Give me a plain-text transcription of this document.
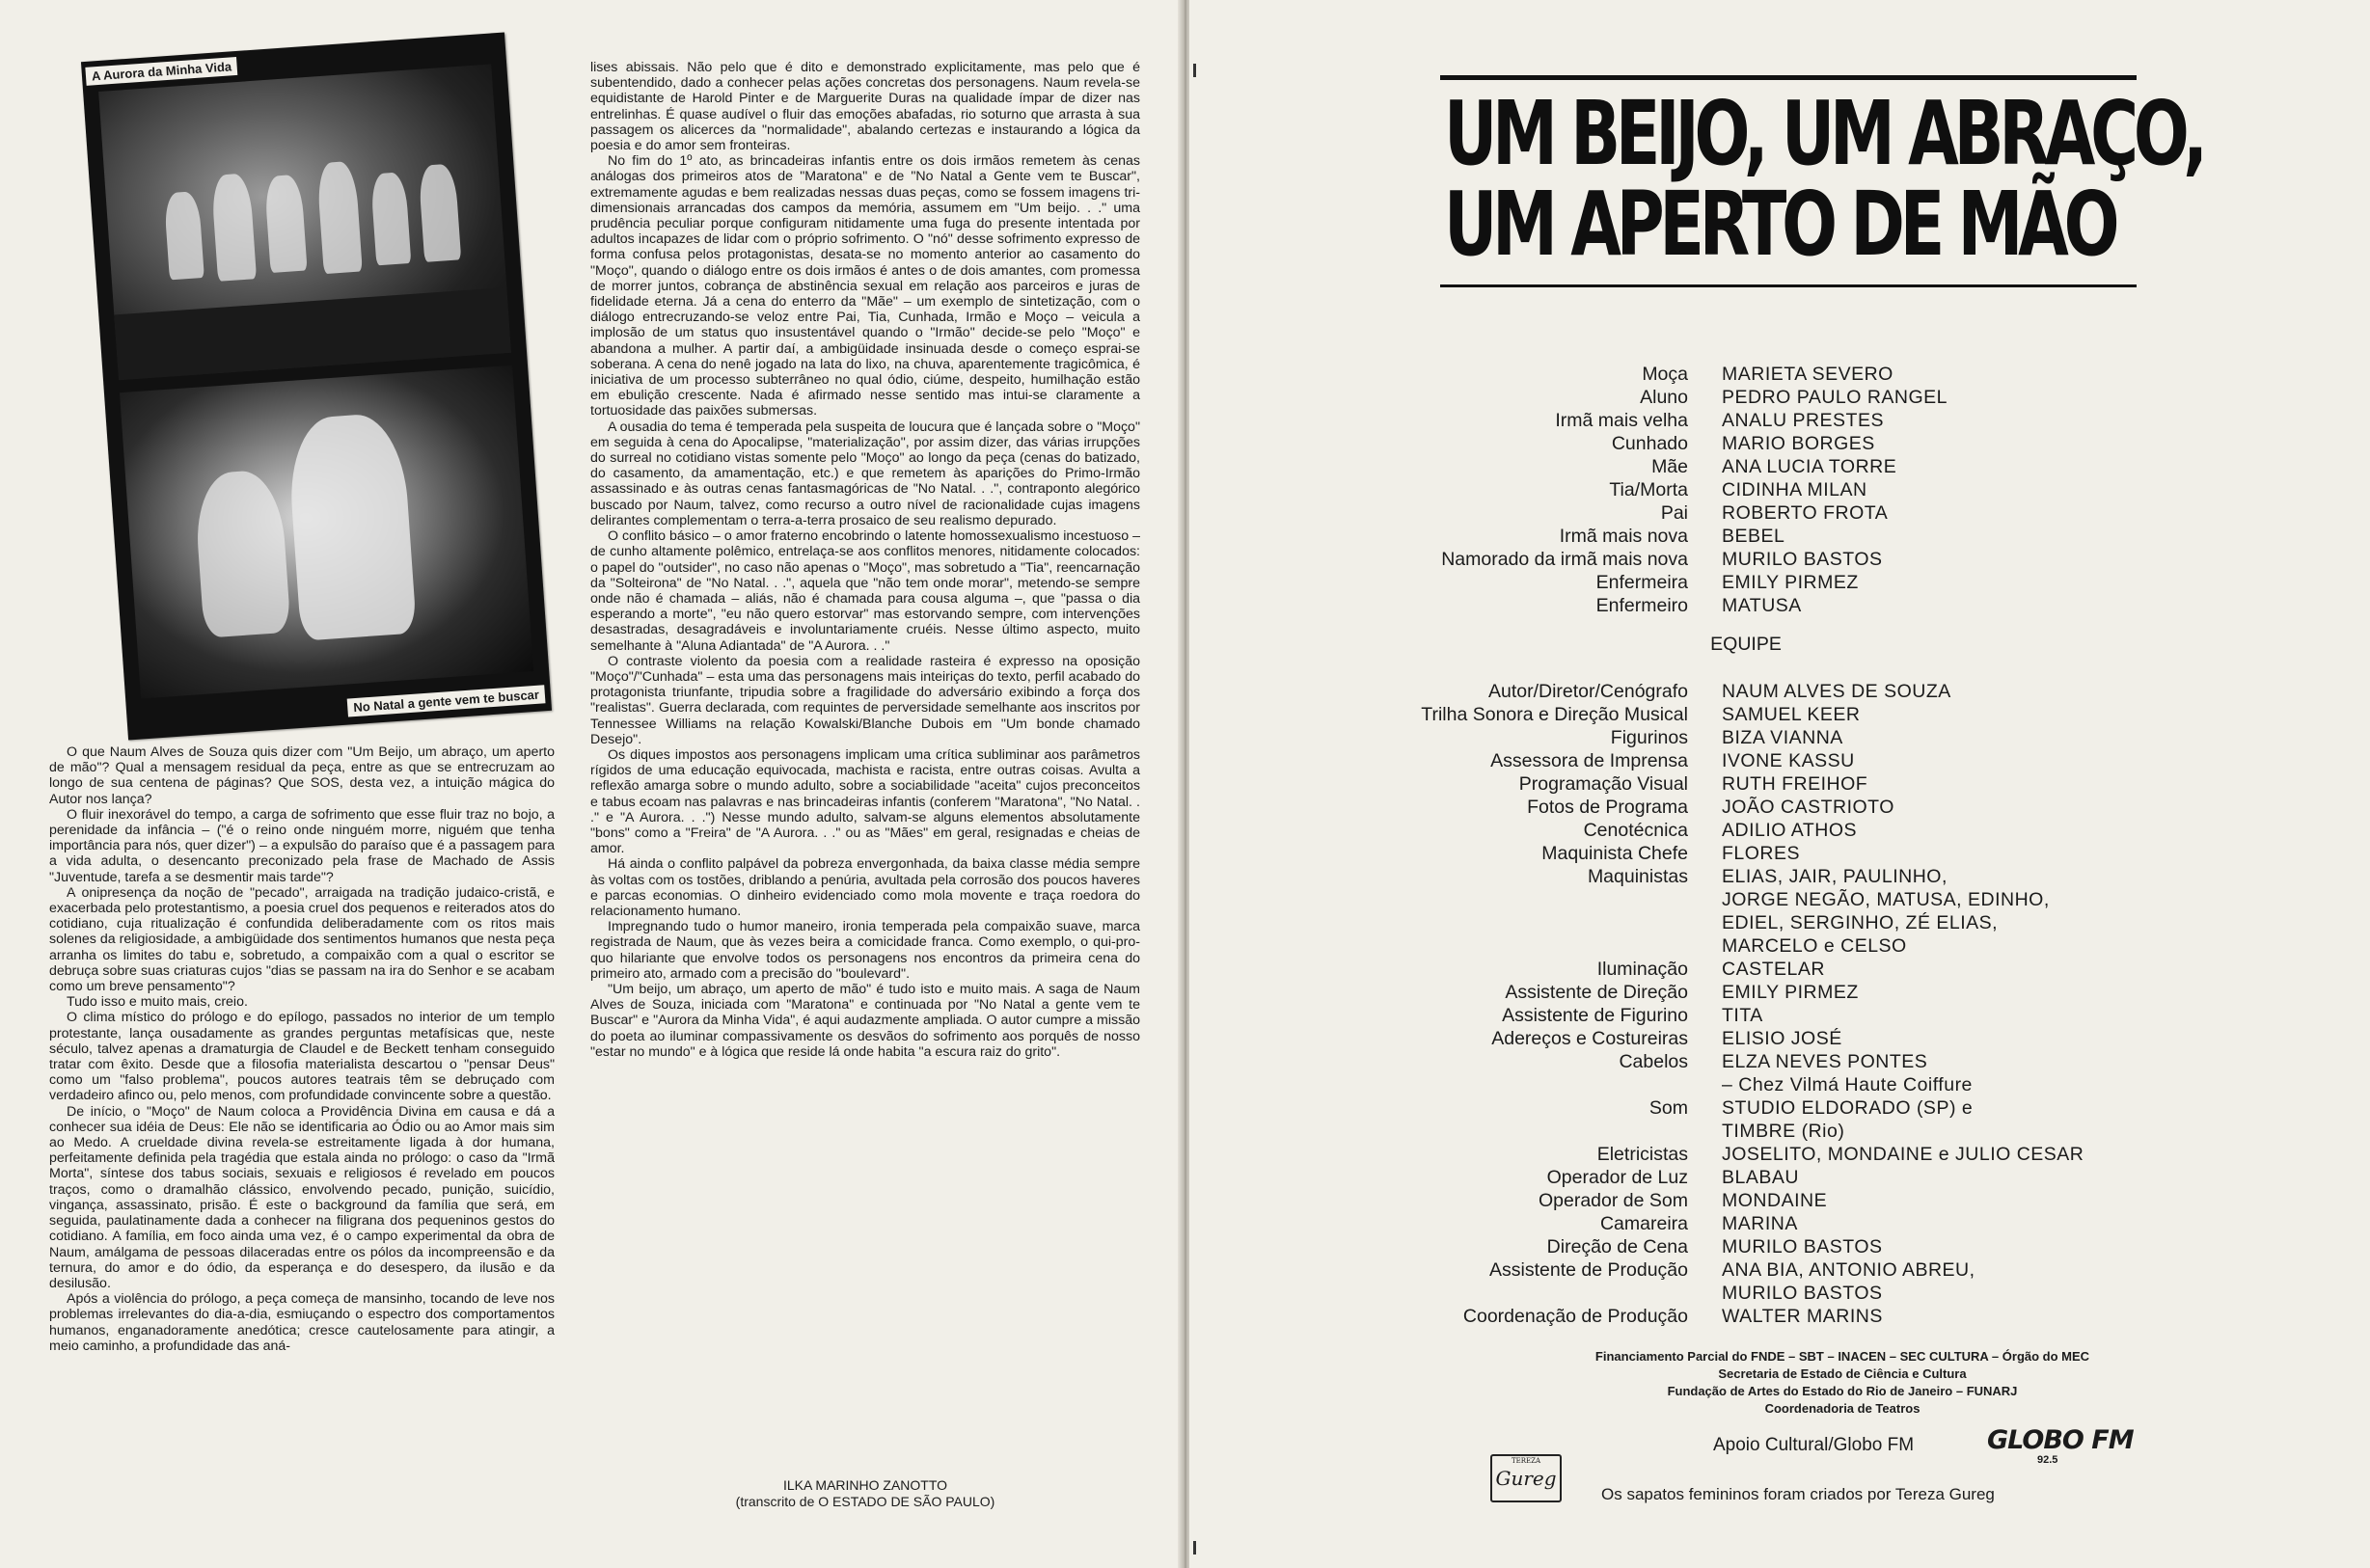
A Aurora da Minha Vida
No Natal a gente vem te buscar

O que Naum Alves de Souza quis dizer com "Um Beijo, um abraço, um aperto de mão"? Qual a mensagem residual da peça, entre as que se entrecruzam ao longo de sua centena de páginas? Que SOS, desta vez, a intuição mágica do Autor nos lança?

O fluir inexorável do tempo, a carga de sofrimento que esse fluir traz no bojo, a perenidade da infância – ("é o reino onde ninguém morre, niguém que tenha importância para nós, quer dizer") – a expulsão do paraíso que é a passagem para a vida adulta, o desencanto preconizado pela frase de Machado de Assis "Juventude, tarefa a se desmentir mais tarde"?

A onipresença da noção de "pecado", arraigada na tradição judaico-cristã, e exacerbada pelo protestantismo, a poesia cruel dos pequenos e reiterados atos do cotidiano, cuja ritualização é confundida deliberadamente com os ritos mais solenes da religiosidade, a ambigüidade dos sentimentos humanos que nesta peça arranha os limites do tabu e, sobretudo, a compaixão com a qual o escritor se debruça sobre suas criaturas cujos "dias se passam na ira do Senhor e se acabam como um breve pensamento"?

Tudo isso e muito mais, creio.

O clima místico do prólogo e do epílogo, passados no interior de um templo protestante, lança ousadamente as grandes perguntas metafísicas que, neste século, talvez apenas a dramaturgia de Claudel e de Beckett tenham conseguido tratar com êxito. Desde que a filosofia materialista descartou o "pensar Deus" como um "falso problema", poucos autores teatrais têm se debruçado com verdadeiro afinco ou, pelo menos, com profundidade convincente sobre a questão.

De início, o "Moço" de Naum coloca a Providência Divina em causa e dá a conhecer sua idéia de Deus: Ele não se identificaria ao Ódio ou ao Amor mais sim ao Medo. A crueldade divina revela-se estreitamente ligada à dor humana, perfeitamente definida pela tragédia que estala ainda no prólogo: o caso da "Irmã Morta", síntese dos tabus sociais, sexuais e religiosos é revelado em poucos traços, como o dramalhão clássico, envolvendo pecado, punição, suicídio, vingança, assassinato, prisão. É este o background da família que será, em seguida, paulatinamente dada a conhecer na filigrana dos pequeninos gestos do cotidiano. A família, em foco ainda uma vez, é o campo experimental da obra de Naum, amálgama de pessoas dilaceradas entre os pólos da incompreensão e da ternura, do amor e do ódio, da esperança e do desespero, da ilusão e da desilusão.

Após a violência do prólogo, a peça começa de mansinho, tocando de leve nos problemas irrelevantes do dia-a-dia, esmiuçando o espectro dos comportamentos humanos, enganadoramente anedótica; cresce cautelosamente para atingir, a meio caminho, a profundidade das aná-

lises abissais. Não pelo que é dito e demonstrado explicitamente, mas pelo que é subentendido, dado a conhecer pelas ações concretas dos personagens. Naum revela-se equidistante de Harold Pinter e de Marguerite Duras na qualidade ímpar de dizer nas entrelinhas. É quase audível o fluir das emoções abafadas, rio soturno que arrasta à sua passagem os alicerces da "normalidade", abalando certezas e instaurando a lógica da poesia e do amor sem fronteiras.

No fim do 1º ato, as brincadeiras infantis entre os dois irmãos remetem às cenas análogas dos primeiros atos de "Maratona" e de "No Natal a Gente vem te Buscar", extremamente agudas e bem realizadas nessas duas peças, como se fossem imagens tri-dimensionais arrancadas dos campos da memória, assumem em "Um beijo. . ." uma prudência peculiar porque configuram nitidamente uma fuga do presente intentada por adultos incapazes de lidar com o próprio sofrimento. O "nó" desse sofrimento expresso de forma confusa pelos protagonistas, desata-se no momento anterior ao casamento do "Moço", quando o diálogo entre os dois irmãos é antes o de dois amantes, com promessa de morrer juntos, cobrança de abstinência sexual em relação aos parceiros e juras de fidelidade eterna. Já a cena do enterro da "Mãe" – um exemplo de sintetização, com o diálogo entrecruzando-se veloz entre Pai, Tia, Cunhada, Irmão e Moço – veicula a implosão de um status quo insustentável quando o "Irmão" decide-se pelo "Moço" e abandona a mulher. A partir daí, a ambigüidade insinuada desde o começo esprai-se soberana. A cena do nenê jogado na lata do lixo, na chuva, aparentemente tragicômica, é iniciativa de um processo subterrâneo no qual ódio, ciúme, despeito, humilhação estão em ebulição crescente. Nada é afirmado nesse sentido mas intui-se claramente a tortuosidade das paixões submersas.

A ousadia do tema é temperada pela suspeita de loucura que é lançada sobre o "Moço" em seguida à cena do Apocalipse, "materialização", por assim dizer, das várias irrupções do surreal no cotidiano vistas somente pelo "Moço" ao longo da peça (cenas do batizado, do casamento, da amamentação, etc.) e que remetem às aparições do Primo-Irmão assassinado e às outras cenas fantasmagóricas de "No Natal. . .", contraponto alegórico buscado por Naum, talvez, como recurso a outro nível de racionalidade cujas imagens delirantes complementam o terra-a-terra prosaico de seu realismo depurado.

O conflito básico – o amor fraterno encobrindo o latente homossexualismo incestuoso – de cunho altamente polêmico, entrelaça-se aos conflitos menores, nitidamente colocados: o papel do "outsider", no caso não apenas o "Moço", mas sobretudo a "Tia", reencarnação da "Solteirona" de "No Natal. . .", aquela que "não tem onde morar", metendo-se sempre onde não é chamada – aliás, não é chamada para cousa alguma –, que "passa o dia esperando a morte", "eu não quero estorvar" mas estorvando sempre, com intervenções desastradas, desagradáveis e involuntariamente cruéis. Nesse último aspecto, muito semelhante à "Aluna Adiantada" de "A Aurora. . ."

O contraste violento da poesia com a realidade rasteira é expresso na oposição "Moço"/"Cunhada" – esta uma das personagens mais inteiriças do texto, perfil acabado do protagonista triunfante, tripudia sobre a fragilidade do adversário exibindo a força dos "realistas". Guerra declarada, com requintes de perversidade semelhante aos inscritos por Tennessee Williams na relação Kowalski/Blanche Dubois em "Um bonde chamado Desejo".

Os diques impostos aos personagens implicam uma crítica subliminar aos parâmetros rígidos de uma educação equivocada, machista e racista, entre outras coisas. Avulta a reflexão amarga sobre o mundo adulto, sobre a sociabilidade "aceita" cujos preconceitos e tabus ecoam nas palavras e nas brincadeiras infantis (conferem "Maratona", "No Natal. . ." e "A Aurora. . .") Nesse mundo adulto, salvam-se alguns elementos absolutamente "bons" como a "Freira" de "A Aurora. . ." ou as "Mães" em geral, resignadas e cheias de amor.

Há ainda o conflito palpável da pobreza envergonhada, da baixa classe média sempre às voltas com os tostões, driblando a penúria, avultada pela corrosão dos poucos haveres e parcas economias. O dinheiro evidenciado como mola movente e traça roedora do relacionamento humano.

Impregnando tudo o humor maneiro, ironia temperada pela compaixão suave, marca registrada de Naum, que às vezes beira a comicidade franca. Como exemplo, o qui-pro-quo hilariante que envolve todos os personagens nos encontros da primeira cena do primeiro ato, armado com a precisão do "boulevard".

"Um beijo, um abraço, um aperto de mão" é tudo isto e muito mais. A saga de Naum Alves de Souza, iniciada com "Maratona" e continuada por "No Natal a gente vem te Buscar" e "Aurora da Minha Vida", é aqui audazmente ampliada. O autor cumpre a missão do poeta ao iluminar compassivamente os desvãos do sofrimento aos porquês de nosso "estar no mundo" e à lógica que reside lá onde habita "a escura raiz do grito".

ILKA MARINHO ZANOTTO
(transcrito de O ESTADO DE SÃO PAULO)
UM BEIJO, UM ABRAÇO,
UM APERTO DE MÃO
Moça	MARIETA SEVERO
Aluno	PEDRO PAULO RANGEL
Irmã mais velha	ANALU PRESTES
Cunhado	MARIO BORGES
Mãe	ANA LUCIA TORRE
Tia/Morta	CIDINHA MILAN
Pai	ROBERTO FROTA
Irmã mais nova	BEBEL
Namorado da irmã mais nova	MURILO BASTOS
Enfermeira	EMILY PIRMEZ
Enfermeiro	MATUSA
EQUIPE
Autor/Diretor/Cenógrafo	NAUM ALVES DE SOUZA
Trilha Sonora e Direção Musical	SAMUEL KEER
Figurinos	BIZA VIANNA
Assessora de Imprensa	IVONE KASSU
Programação Visual	RUTH FREIHOF
Fotos de Programa	JOÃO CASTRIOTO
Cenotécnica	ADILIO ATHOS
Maquinista Chefe	FLORES
Maquinistas	ELIAS, JAIR, PAULINHO,
JORGE NEGÃO, MATUSA, EDINHO,
EDIEL, SERGINHO, ZÉ ELIAS,
MARCELO e CELSO
Iluminação	CASTELAR
Assistente de Direção	EMILY PIRMEZ
Assistente de Figurino	TITA
Adereços e Costureiras	ELISIO JOSÉ
Cabelos	ELZA NEVES PONTES
– Chez Vilmá Haute Coiffure
Som	STUDIO ELDORADO (SP) e
TIMBRE (Rio)
Eletricistas	JOSELITO, MONDAINE e JULIO CESAR
Operador de Luz	BLABAU
Operador de Som	MONDAINE
Camareira	MARINA
Direção de Cena	MURILO BASTOS
Assistente de Produção	ANA BIA, ANTONIO ABREU,
MURILO BASTOS
Coordenação de Produção	WALTER MARINS
Financiamento Parcial do FNDE – SBT – INACEN – SEC CULTURA – Órgão do MEC
Secretaria de Estado de Ciência e Cultura
Fundação de Artes do Estado do Rio de Janeiro – FUNARJ
Coordenadoria de Teatros
Apoio Cultural/Globo FM	GLOBO FM
92.5
TEREZA
Gureg
Os sapatos femininos foram criados por Tereza Gureg
